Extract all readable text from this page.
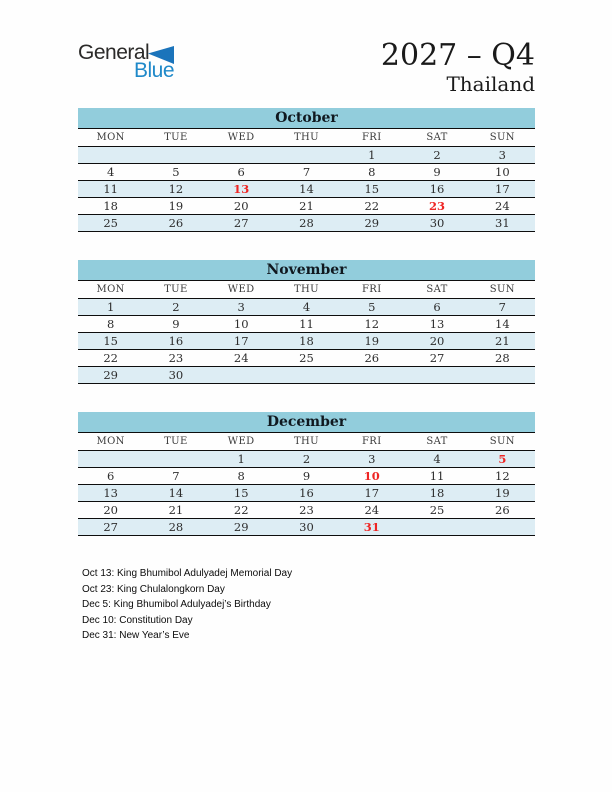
General
Blue	2027 – Q4
Thailand
October
MON	TUE	WED	THU	FRI	SAT	SUN
				1	2	3
4	5	6	7	8	9	10
11	12	13	14	15	16	17
18	19	20	21	22	23	24
25	26	27	28	29	30	31
November
MON	TUE	WED	THU	FRI	SAT	SUN
1	2	3	4	5	6	7
8	9	10	11	12	13	14
15	16	17	18	19	20	21
22	23	24	25	26	27	28
29	30					
December
MON	TUE	WED	THU	FRI	SAT	SUN
		1	2	3	4	5
6	7	8	9	10	11	12
13	14	15	16	17	18	19
20	21	22	23	24	25	26
27	28	29	30	31		
Oct 13: King Bhumibol Adulyadej Memorial Day
Oct 23: King Chulalongkorn Day
Dec 5: King Bhumibol Adulyadej’s Birthday
Dec 10: Constitution Day
Dec 31: New Year’s Eve
